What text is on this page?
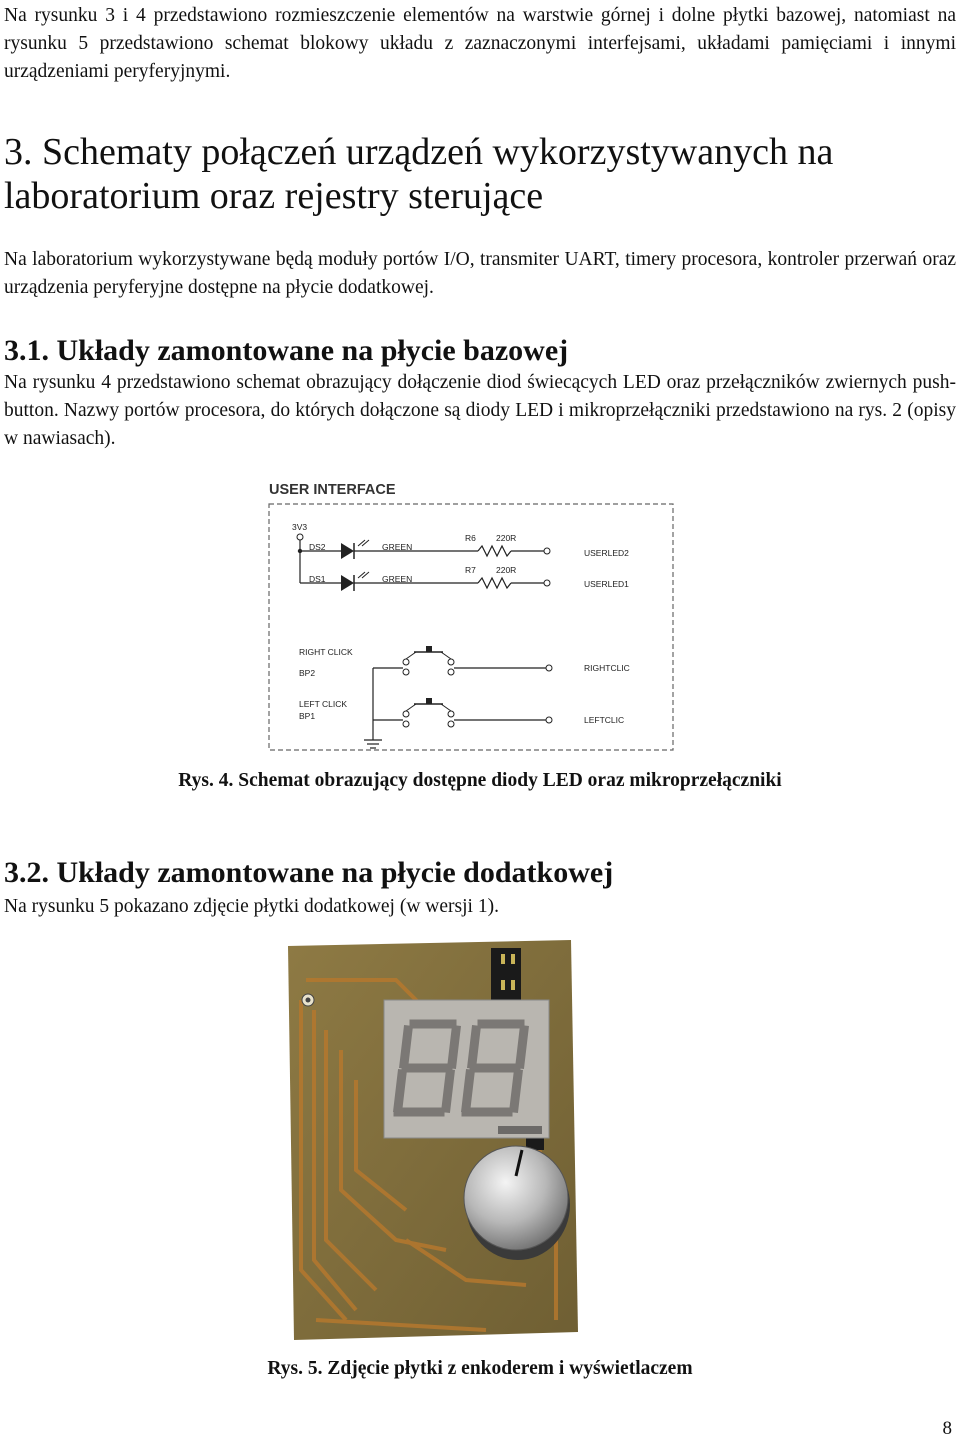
Na rysunku 3 i 4 przedstawiono rozmieszczenie elementów na warstwie górnej i dolne płytki bazowej, natomiast na rysunku 5 przedstawiono schemat blokowy układu z zaznaczonymi interfejsami, układami pamięciami i innymi urządzeniami peryferyjnymi.

3. Schematy połączeń urządzeń wykorzystywanych na laboratorium oraz rejestry sterujące

Na laboratorium wykorzystywane będą moduły portów I/O, transmiter UART, timery procesora, kontroler przerwań oraz urządzenia peryferyjne dostępne na płycie dodatkowej.

3.1. Układy zamontowane na płycie bazowej

Na rysunku 4 przedstawiono schemat obrazujący dołączenie diod świecących LED oraz przełączników zwiernych push-button. Nazwy portów procesora, do których dołączone są diody LED i mikroprzełączniki przedstawiono na rys. 2 (opisy w nawiasach).

USER INTERFACE
3V3
DS2	GREEN
R6 220R
USERLED2
DS1	GREEN
R7 220R
USERLED1
RIGHT CLICK
BP2
LEFT CLICK
BP1
RIGHTCLIC
LEFTCLIC
Rys. 4. Schemat obrazujący dostępne diody LED oraz mikroprzełączniki
3.2. Układy zamontowane na płycie dodatkowej

Na rysunku 5 pokazano zdjęcie płytki dodatkowej (w wersji 1).

Rys. 5. Zdjęcie płytki z enkoderem i wyświetlaczem
8
